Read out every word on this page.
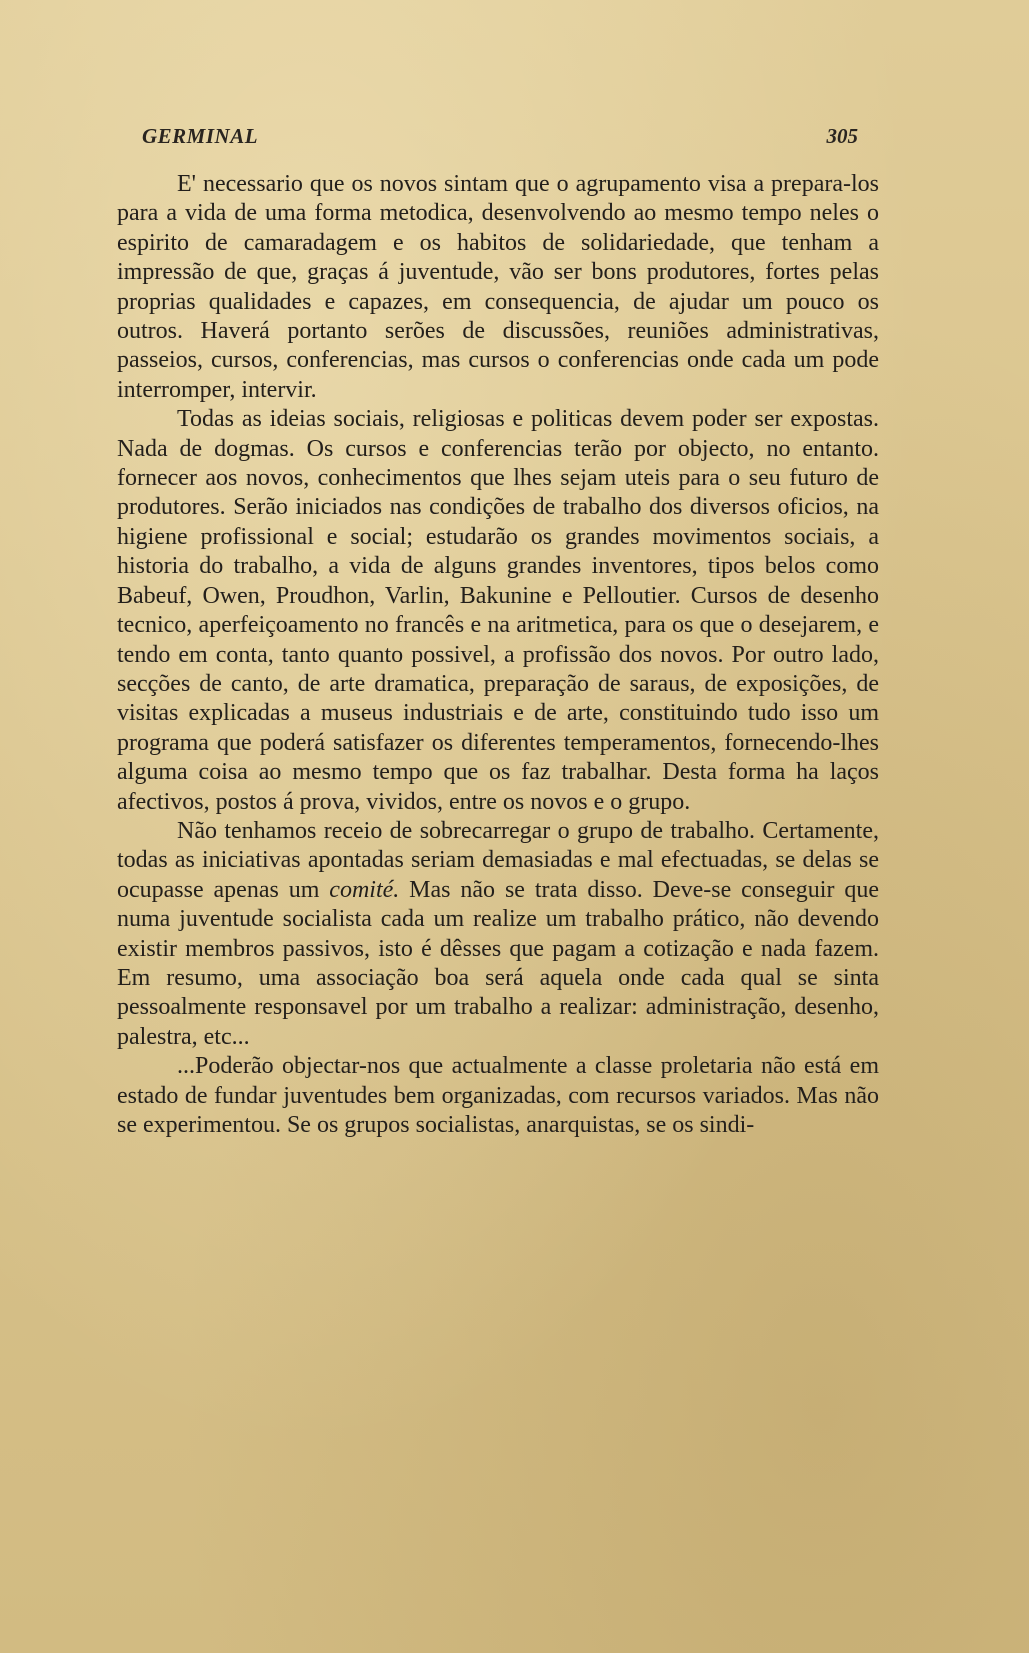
GERMINAL	305

E' necessario que os novos sintam que o agrupamento visa a prepara-los para a vida de uma forma metodica, desenvolvendo ao mesmo tempo neles o espirito de camaradagem e os habitos de solidariedade, que tenham a impressão de que, graças á juventude, vão ser bons produtores, fortes pelas proprias qualidades e capazes, em consequencia, de ajudar um pouco os outros. Haverá portanto serões de discussões, reuniões administrativas, passeios, cursos, conferencias, mas cursos o conferencias onde cada um pode interromper, intervir.

Todas as ideias sociais, religiosas e politicas devem poder ser expostas. Nada de dogmas. Os cursos e conferencias terão por objecto, no entanto. fornecer aos novos, conhecimentos que lhes sejam uteis para o seu futuro de produtores. Serão iniciados nas condições de trabalho dos diversos oficios, na higiene profissional e social; estudarão os grandes movimentos sociais, a historia do trabalho, a vida de alguns grandes inventores, tipos belos como Babeuf, Owen, Proudhon, Varlin, Bakunine e Pelloutier. Cursos de desenho tecnico, aperfeiçoamento no francês e na aritmetica, para os que o desejarem, e tendo em conta, tanto quanto possivel, a profissão dos novos. Por outro lado, secções de canto, de arte dramatica, preparação de saraus, de exposições, de visitas explicadas a museus industriais e de arte, constituindo tudo isso um programa que poderá satisfazer os diferentes temperamentos, fornecendo-lhes alguma coisa ao mesmo tempo que os faz trabalhar. Desta forma ha laços afectivos, postos á prova, vividos, entre os novos e o grupo.

Não tenhamos receio de sobrecarregar o grupo de trabalho. Certamente, todas as iniciativas apontadas seriam demasiadas e mal efectuadas, se delas se ocupasse apenas um comité. Mas não se trata disso. Deve-se conseguir que numa juventude socialista cada um realize um trabalho prático, não devendo existir membros passivos, isto é dêsses que pagam a cotização e nada fazem. Em resumo, uma associação boa será aquela onde cada qual se sinta pessoalmente responsavel por um trabalho a realizar: administração, desenho, palestra, etc...

...Poderão objectar-nos que actualmente a classe proletaria não está em estado de fundar juventudes bem organizadas, com recursos variados. Mas não se experimentou. Se os grupos socialistas, anarquistas, se os sindi-
